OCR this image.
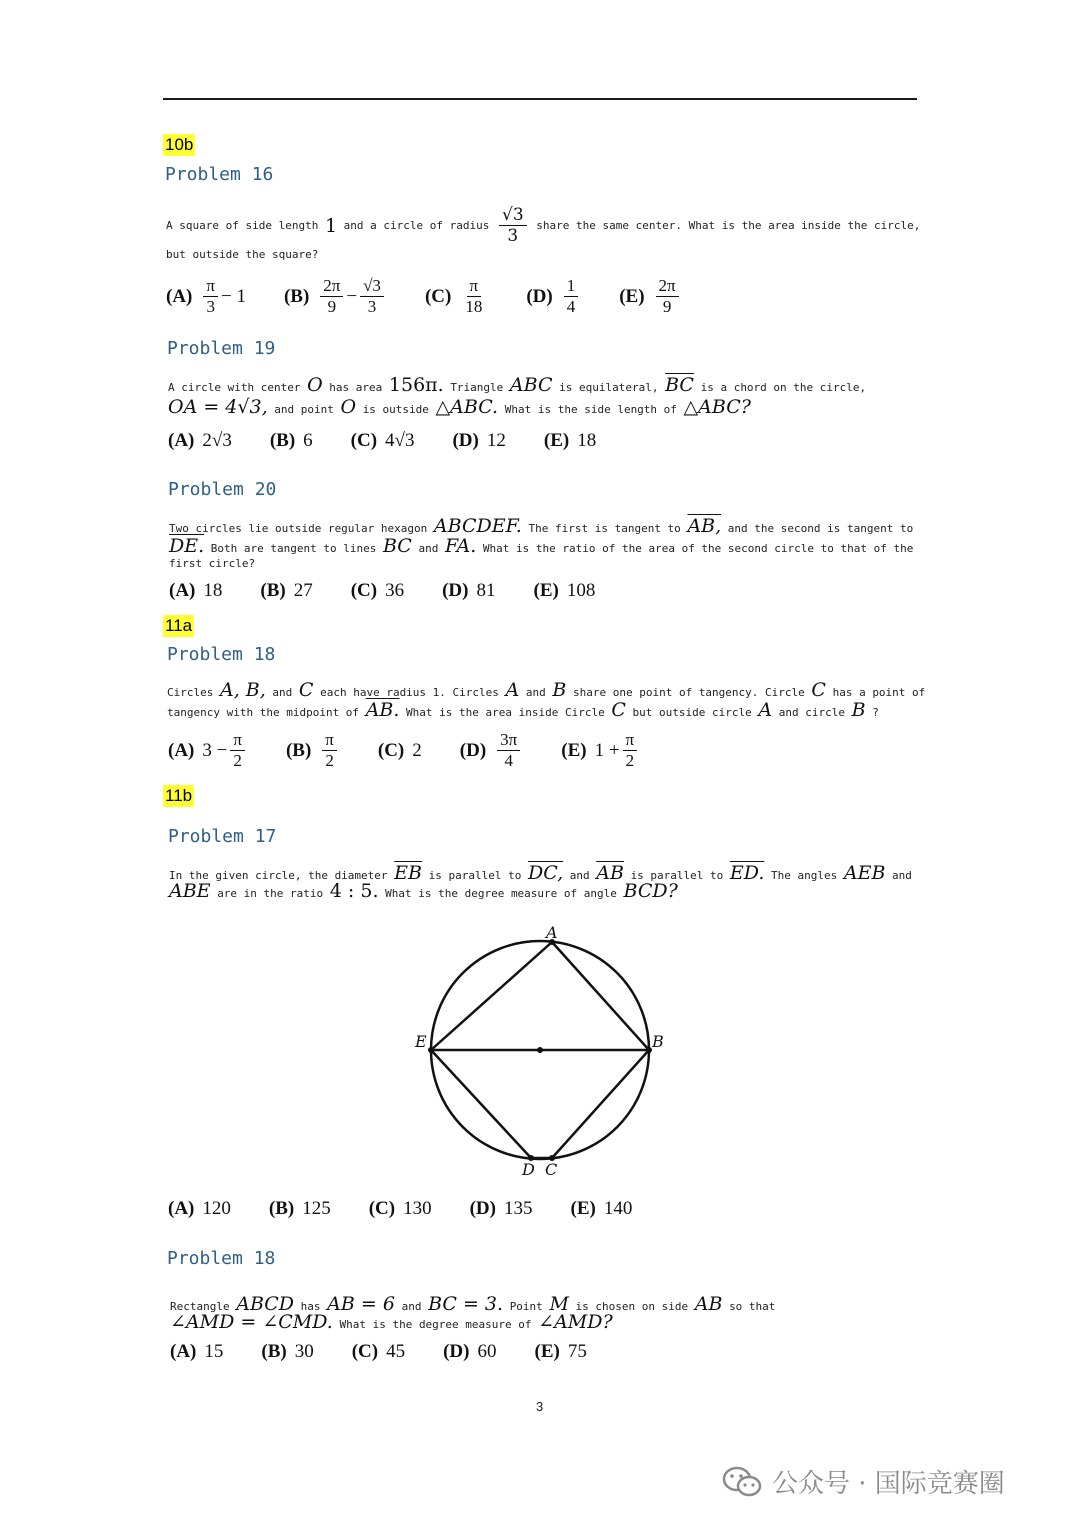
10b
Problem 16
A square of side length
1
and a circle of radius
$\frac{√3}{3}$
share the same center. What is the area inside the circle,
but outside the square?
$(A) \frac{\pi}{3} - 1$ $(B) \frac{2\pi}{9} - \frac{√3}{3} (C) \frac{\pi}{18} (D) \frac{1}{4} (E) \frac{2\pi}{9}$
Problem 19
A circle with center O has area 156π. Triangle ABC is equilateral, $\overline{BC}$ is a chord on the circle,
OA = 4√3, and point O is outside △ABC. What is the side length of △ABC?
(A) 2√3 (B) 6 (C) 4√3 (D) 12 (E) 18
Problem 20
Two circles lie outside regular hexagon ABCDEF. The first is tangent to AB, and the second is tangent to
DE. Both are tangent to lines BC and FA. What is the ratio of the area of the second circle to that of the
first circle?
(A) 18 (B) 27 (C) 36 (D) 81 (E) 108
11a
Problem 18
Circles A, B, and C each have radius 1. Circles A and B share one point of tangency. Circle C has a point of
tangency with the midpoint of AB. What is the area inside Circle C but outside circle A and circle B ?
(A) $3 - \frac{\pi}{2} (B) \frac{\pi}{2} (C)$ 2 $(D) \frac{3\pi}{4} (E) 1 + \frac{\pi}{2}$
11b
Problem 17
In the given circle, the diameter $\overline{EB}$ is parallel to DC, and $\overline{AB}$ is parallel to ED. The angles AEB and
ABE are in the ratio 4 : 5. What is the degree measure of angle BCD?
A
B
E
D C
(A) 120 (B) 125 (C) 130 (D) 135 (E) 140
Problem 18
Rectangle ABCD has AB = 6 and BC = 3. Point M is chosen on side AB so that
∠AMD = ∠CMD. What is the degree measure of ∠AMD?
(A) 15 (B) 30 (C) 45 (D) 60 (E) 75
3
公众号 · 国际竞赛圈
